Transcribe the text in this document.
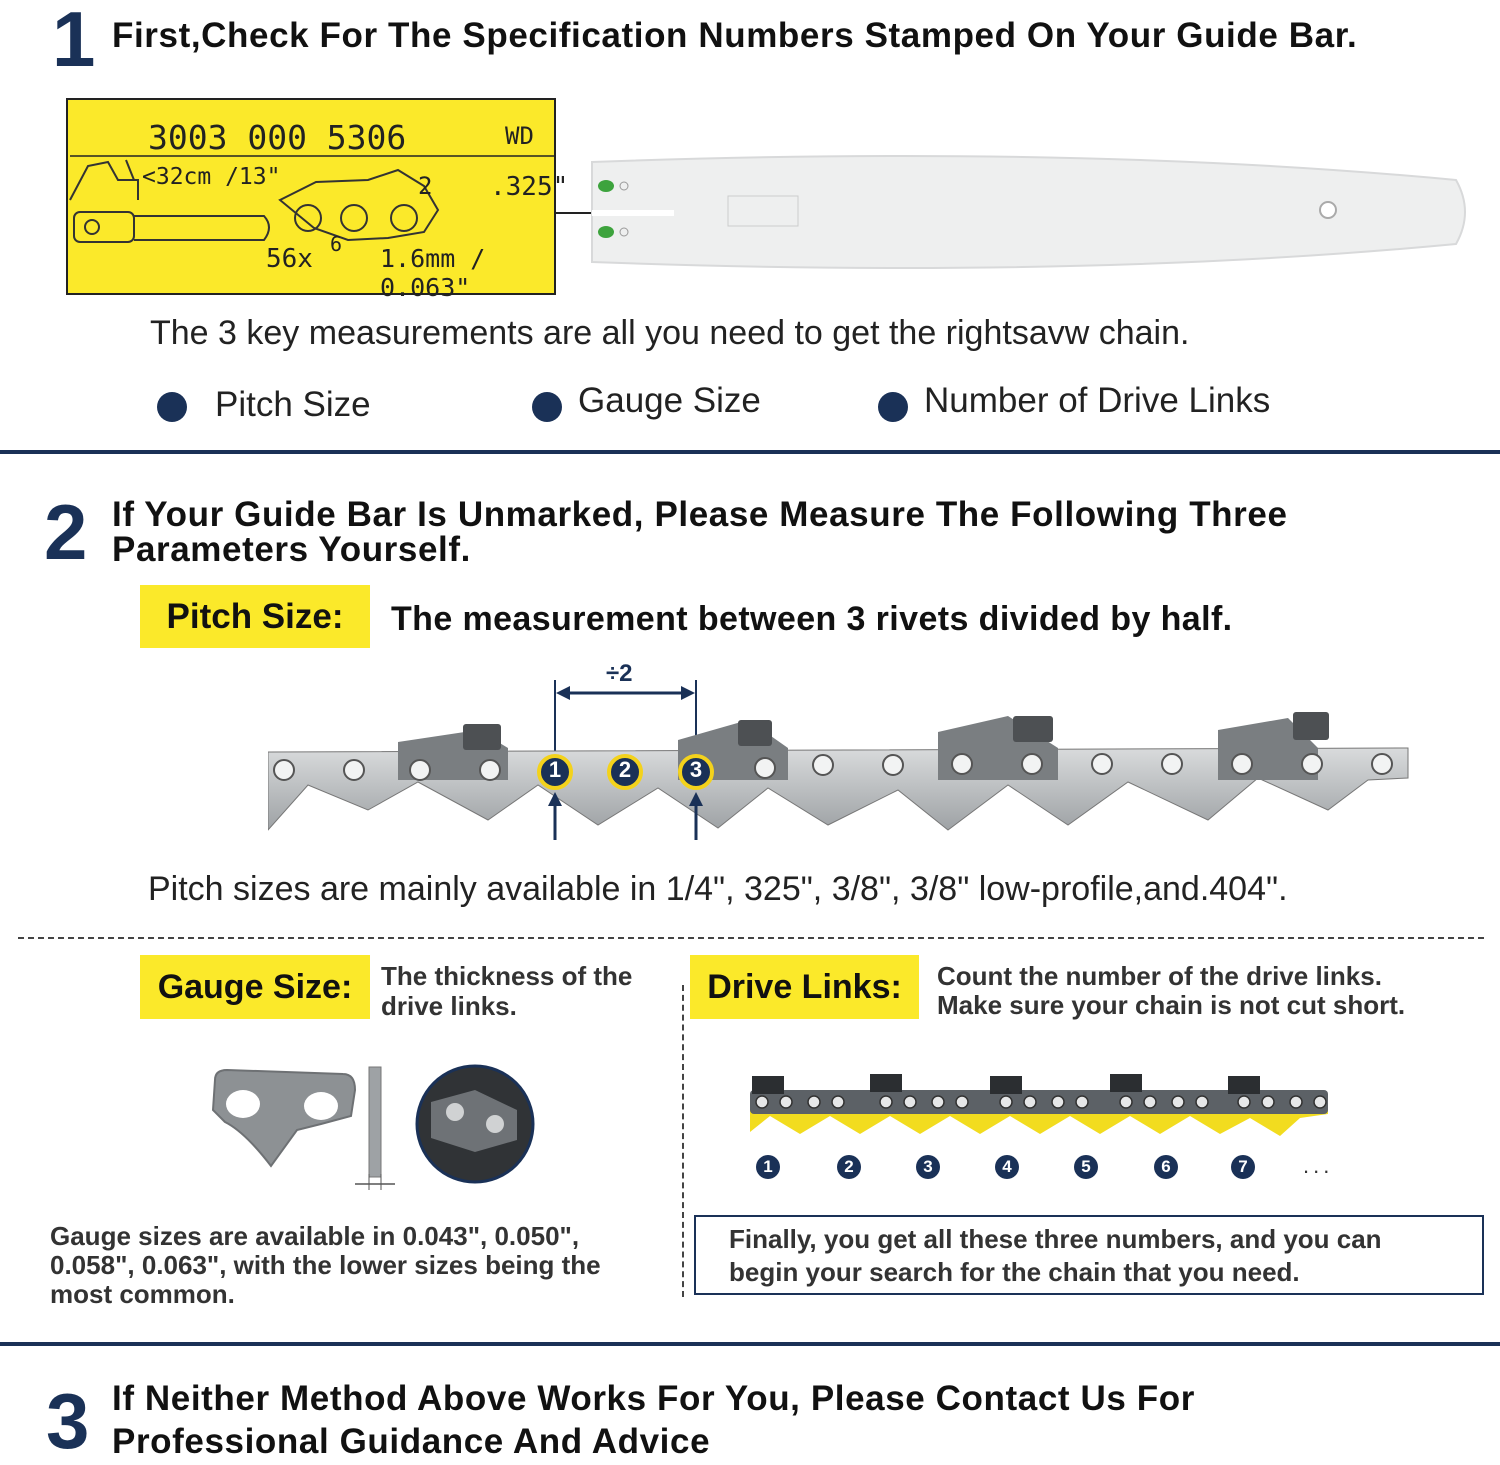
1 First,Check For The Specification Numbers Stamped On Your Guide Bar.
3003 000 5306	WD
<32cm /13"	.325"
2
56x 6 1.6mm / 0.063"
The 3 key measurements are all you need to get the rightsavw chain.
Pitch Size	Gauge Size	Number of Drive Links
2 If Your Guide Bar Is Unmarked, Please Measure The Following Three
Parameters Yourself.
Pitch Size:	The measurement between 3 rivets divided by half.
÷2
1	2	3
Pitch sizes are mainly available in 1/4", 325", 3/8", 3/8" low-profile,and.404".
Gauge Size:	The thickness of the
drive links.
Gauge sizes are available in 0.043", 0.050",
0.058", 0.063", with the lower sizes being the
most common.
Drive Links:	Count the number of the drive links.
Make sure your chain is not cut short.
1	2	3	4	5	6	7	...
Finally, you get all these three numbers, and you can
begin your search for the chain that you need.
3 If Neither Method Above Works For You, Please Contact Us For
Professional Guidance And Advice
